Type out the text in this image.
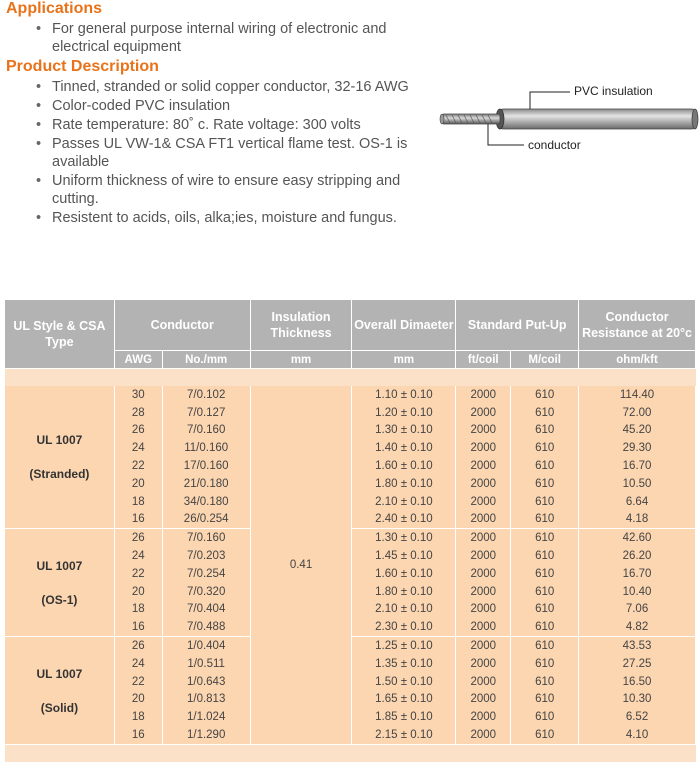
Applications
• For general purpose internal wiring of electronic and electrical equipment
Product Description
• Tinned, stranded or solid copper conductor, 32-16 AWG
• Color-coded PVC insulation
• Rate temperature: 80˚ c. Rate voltage: 300 volts
• Passes UL VW-1& CSA FT1 vertical flame test. OS-1 is available
• Uniform thickness of wire to ensure easy stripping and cutting.
• Resistent to acids, oils, alka;ies, moisture and fungus.
PVC insulation
conductor
UL Style & CSA Type	Conductor		Insulation Thickness	Overall Dimaeter	Standard Put-Up		Conductor Resistance at 20°c
	AWG	No./mm	mm	mm	ft/coil	M/coil	ohm/kft

UL 1007
(Stranded)	30	7/0.102	0.41	1.10 ± 0.10	2000	610	114.40
	28	7/0.127		1.20 ± 0.10	2000	610	72.00
	26	7/0.160		1.30 ± 0.10	2000	610	45.20
	24	11/0.160		1.40 ± 0.10	2000	610	29.30
	22	17/0.160		1.60 ± 0.10	2000	610	16.70
	20	21/0.180		1.80 ± 0.10	2000	610	10.50
	18	34/0.180		2.10 ± 0.10	2000	610	6.64
	16	26/0.254		2.40 ± 0.10	2000	610	4.18

UL 1007
(OS-1)	26	7/0.160		1.30 ± 0.10	2000	610	42.60
	24	7/0.203		1.45 ± 0.10	2000	610	26.20
	22	7/0.254		1.60 ± 0.10	2000	610	16.70
	20	7/0.320		1.80 ± 0.10	2000	610	10.40
	18	7/0.404		2.10 ± 0.10	2000	610	7.06
	16	7/0.488		2.30 ± 0.10	2000	610	4.82

UL 1007
(Solid)	26	1/0.404		1.25 ± 0.10	2000	610	43.53
	24	1/0.511		1.35 ± 0.10	2000	610	27.25
	22	1/0.643		1.50 ± 0.10	2000	610	16.50
	20	1/0.813		1.65 ± 0.10	2000	610	10.30
	18	1/1.024		1.85 ± 0.10	2000	610	6.52
	16	1/1.290		2.15 ± 0.10	2000	610	4.10
